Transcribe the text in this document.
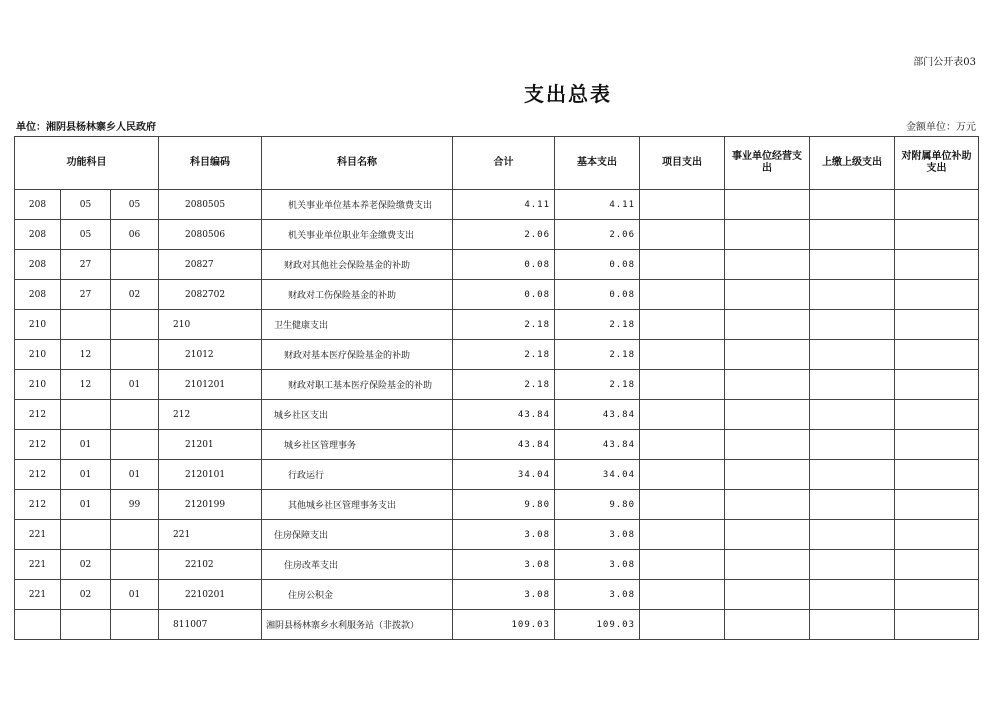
部门公开表03
支出总表
单位：湘阴县杨林寨乡人民政府	金额单位：万元
功能科目			科目编码	科目名称	合计	基本支出	项目支出	事业单位经营支出	上缴上级支出	对附属单位补助支出
208	05	05	2080505	机关事业单位基本养老保险缴费支出	4.11	4.11				
208	05	06	2080506	机关事业单位职业年金缴费支出	2.06	2.06				
208	27		20827	财政对其他社会保险基金的补助	0.08	0.08				
208	27	02	2082702	财政对工伤保险基金的补助	0.08	0.08				
210			210	卫生健康支出	2.18	2.18				
210	12		21012	财政对基本医疗保险基金的补助	2.18	2.18				
210	12	01	2101201	财政对职工基本医疗保险基金的补助	2.18	2.18				
212			212	城乡社区支出	43.84	43.84				
212	01		21201	城乡社区管理事务	43.84	43.84				
212	01	01	2120101	行政运行	34.04	34.04				
212	01	99	2120199	其他城乡社区管理事务支出	9.80	9.80				
221			221	住房保障支出	3.08	3.08				
221	02		22102	住房改革支出	3.08	3.08				
221	02	01	2210201	住房公积金	3.08	3.08				
			811007	湘阴县杨林寨乡水利服务站（非拨款）	109.03	109.03				
